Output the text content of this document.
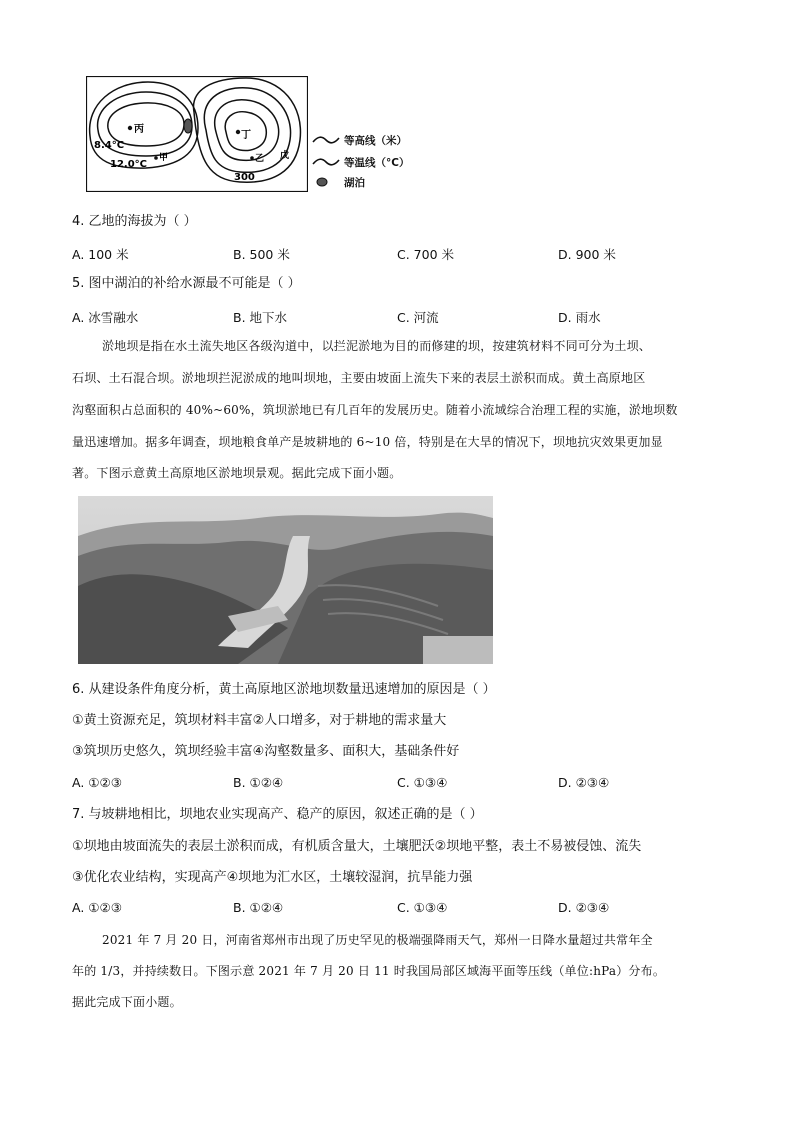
丙
丁
甲	乙 戊
8.4°C
12.0°C
300
等高线（米）
等温线（°C）
湖泊
4. 乙地的海拔为（ ）
A. 100 米	B. 500 米	C. 700 米	D. 900 米
5. 图中湖泊的补给水源最不可能是（ ）
A. 冰雪融水	B. 地下水	C. 河流	D. 雨水
淤地坝是指在水土流失地区各级沟道中，以拦泥淤地为目的而修建的坝，按建筑材料不同可分为土坝、
石坝、土石混合坝。淤地坝拦泥淤成的地叫坝地，主要由坡面上流失下来的表层土淤积而成。黄土高原地区
沟壑面积占总面积的 40%~60%，筑坝淤地已有几百年的发展历史。随着小流域综合治理工程的实施，淤地坝数
量迅速增加。据多年调查，坝地粮食单产是坡耕地的 6~10 倍，特别是在大旱的情况下，坝地抗灾效果更加显
著。下图示意黄土高原地区淤地坝景观。据此完成下面小题。
6. 从建设条件角度分析，黄土高原地区淤地坝数量迅速增加的原因是（ ）
①黄土资源充足，筑坝材料丰富②人口增多，对于耕地的需求量大
③筑坝历史悠久，筑坝经验丰富④沟壑数量多、面积大，基础条件好
A. ①②③	B. ①②④	C. ①③④	D. ②③④
7. 与坡耕地相比，坝地农业实现高产、稳产的原因，叙述正确的是（ ）
①坝地由坡面流失的表层土淤积而成，有机质含量大，土壤肥沃②坝地平整，表土不易被侵蚀、流失
③优化农业结构，实现高产④坝地为汇水区，土壤较湿润，抗旱能力强
A. ①②③	B. ①②④	C. ①③④	D. ②③④
2021 年 7 月 20 日，河南省郑州市出现了历史罕见的极端强降雨天气，郑州一日降水量超过共常年全
年的 1/3，并持续数日。下图示意 2021 年 7 月 20 日 11 时我国局部区域海平面等压线（单位:hPa）分布。
据此完成下面小题。
